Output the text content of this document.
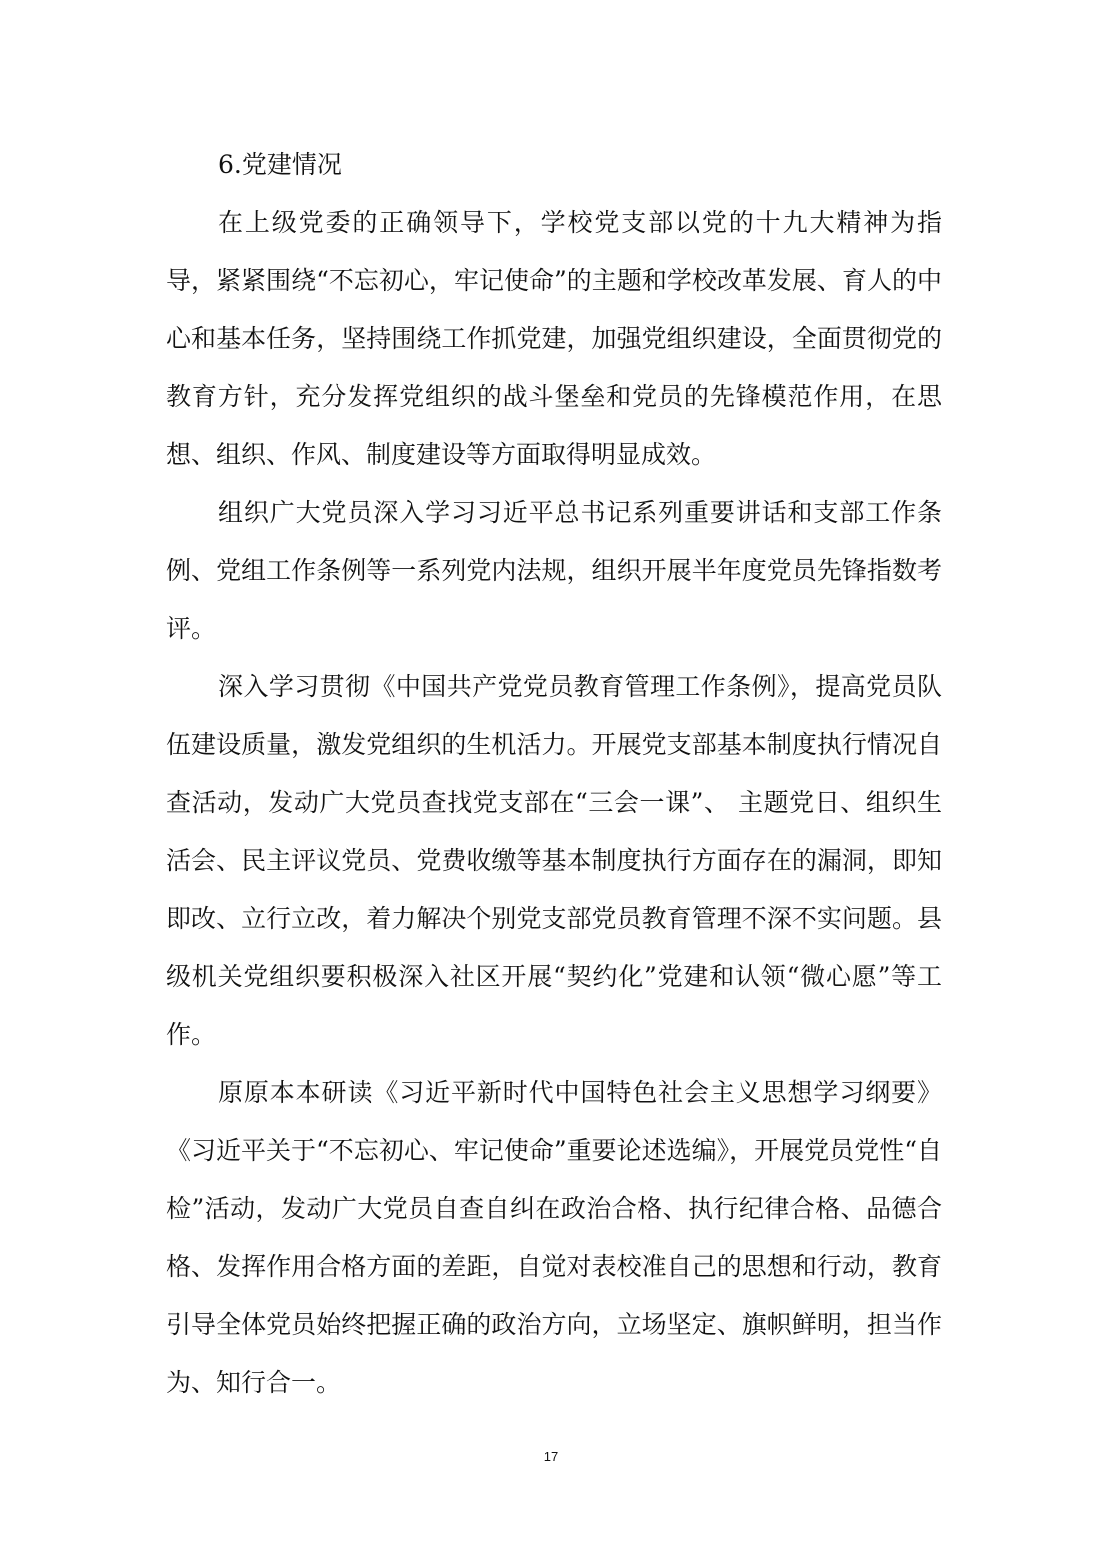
6.党建情况

在上级党委的正确领导下，学校党支部以党的十九大精神为指导，紧紧围绕“不忘初心，牢记使命”的主题和学校改革发展、育人的中心和基本任务，坚持围绕工作抓党建，加强党组织建设，全面贯彻党的教育方针，充分发挥党组织的战斗堡垒和党员的先锋模范作用，在思想、组织、作风、制度建设等方面取得明显成效。

组织广大党员深入学习习近平总书记系列重要讲话和支部工作条例、党组工作条例等一系列党内法规，组织开展半年度党员先锋指数考评。

深入学习贯彻《中国共产党党员教育管理工作条例》，提高党员队伍建设质量，激发党组织的生机活力。开展党支部基本制度执行情况自查活动，发动广大党员查找党支部在“三会一课”、 主题党日、组织生活会、民主评议党员、党费收缴等基本制度执行方面存在的漏洞，即知即改、立行立改，着力解决个别党支部党员教育管理不深不实问题。县级机关党组织要积极深入社区开展“契约化”党建和认领“微心愿”等工作。

原原本本研读《习近平新时代中国特色社会主义思想学习纲要》《习近平关于“不忘初心、牢记使命”重要论述选编》，开展党员党性“自检”活动，发动广大党员自查自纠在政治合格、执行纪律合格、品德合格、发挥作用合格方面的差距，自觉对表校准自己的思想和行动，教育引导全体党员始终把握正确的政治方向，立场坚定、旗帜鲜明，担当作为、知行合一。

17
